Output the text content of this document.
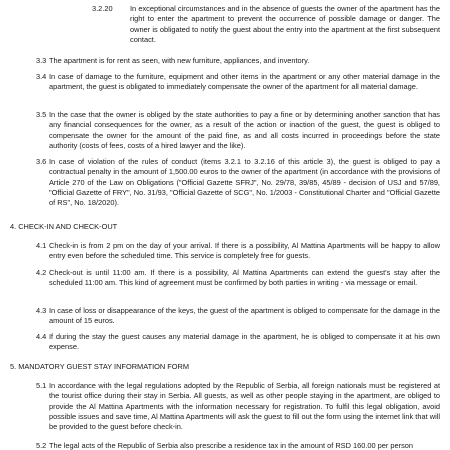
3.2.20 In exceptional circumstances and in the absence of guests the owner of the apartment has the right to enter the apartment to prevent the occurrence of possible damage or danger. The owner is obligated to notify the guest about the entry into the apartment at the first subsequent contact.
3.3 The apartment is for rent as seen, with new furniture, appliances, and inventory.
3.4 In case of damage to the furniture, equipment and other items in the apartment or any other material damage in the apartment, the guest is obligated to immediately compensate the owner of the apartment for all material damage.
3.5 In the case that the owner is obliged by the state authorities to pay a fine or by determining another sanction that has any financial consequences for the owner, as a result of the action or inaction of the guest, the guest is obliged to compensate the owner for the amount of the paid fine, as and all costs incurred in proceedings before the state authority (costs of fees, costs of a hired lawyer and the like).
3.6 In case of violation of the rules of conduct (items 3.2.1 to 3.2.16 of this article 3), the guest is obliged to pay a contractual penalty in the amount of 1,500.00 euros to the owner of the apartment (in accordance with the provisions of Article 270 of the Law on Obligations ("Official Gazette SFRJ", No. 29/78, 39/85, 45/89 - decision of USJ and 57/89, "Official Gazette of FRY", No. 31/93, "Official Gazette of SCG", No. 1/2003 - Constitutional Charter and "Official Gazette of RS", No. 18/2020).
4. CHECK-IN AND CHECK-OUT
4.1 Check-in is from 2 pm on the day of your arrival. If there is a possibility, Al Mattina Apartments will be happy to allow entry even before the scheduled time. This service is completely free for guests.
4.2 Check-out is until 11:00 am. If there is a possibility, Al Mattina Apartments can extend the guest's stay after the scheduled 11:00 am. This kind of agreement must be confirmed by both parties in writing - via message or email.
4.3 In case of loss or disappearance of the keys, the guest of the apartment is obliged to compensate for the damage in the amount of 15 euros.
4.4 If during the stay the guest causes any material damage in the apartment, he is obliged to compensate it at his own expense.
5. MANDATORY GUEST STAY INFORMATION FORM
5.1 In accordance with the legal regulations adopted by the Republic of Serbia, all foreign nationals must be registered at the tourist office during their stay in Serbia. All guests, as well as other people staying in the apartment, are obliged to provide the Al Mattina Apartments with the information necessary for registration. To fulfil this legal obligation, avoid possible issues and save time, Al Mattina Apartments will ask the guest to fill out the form using the internet link that will be provided to the guest before check-in.
5.2 The legal acts of the Republic of Serbia also prescribe a residence tax in the amount of RSD 160.00 per person
